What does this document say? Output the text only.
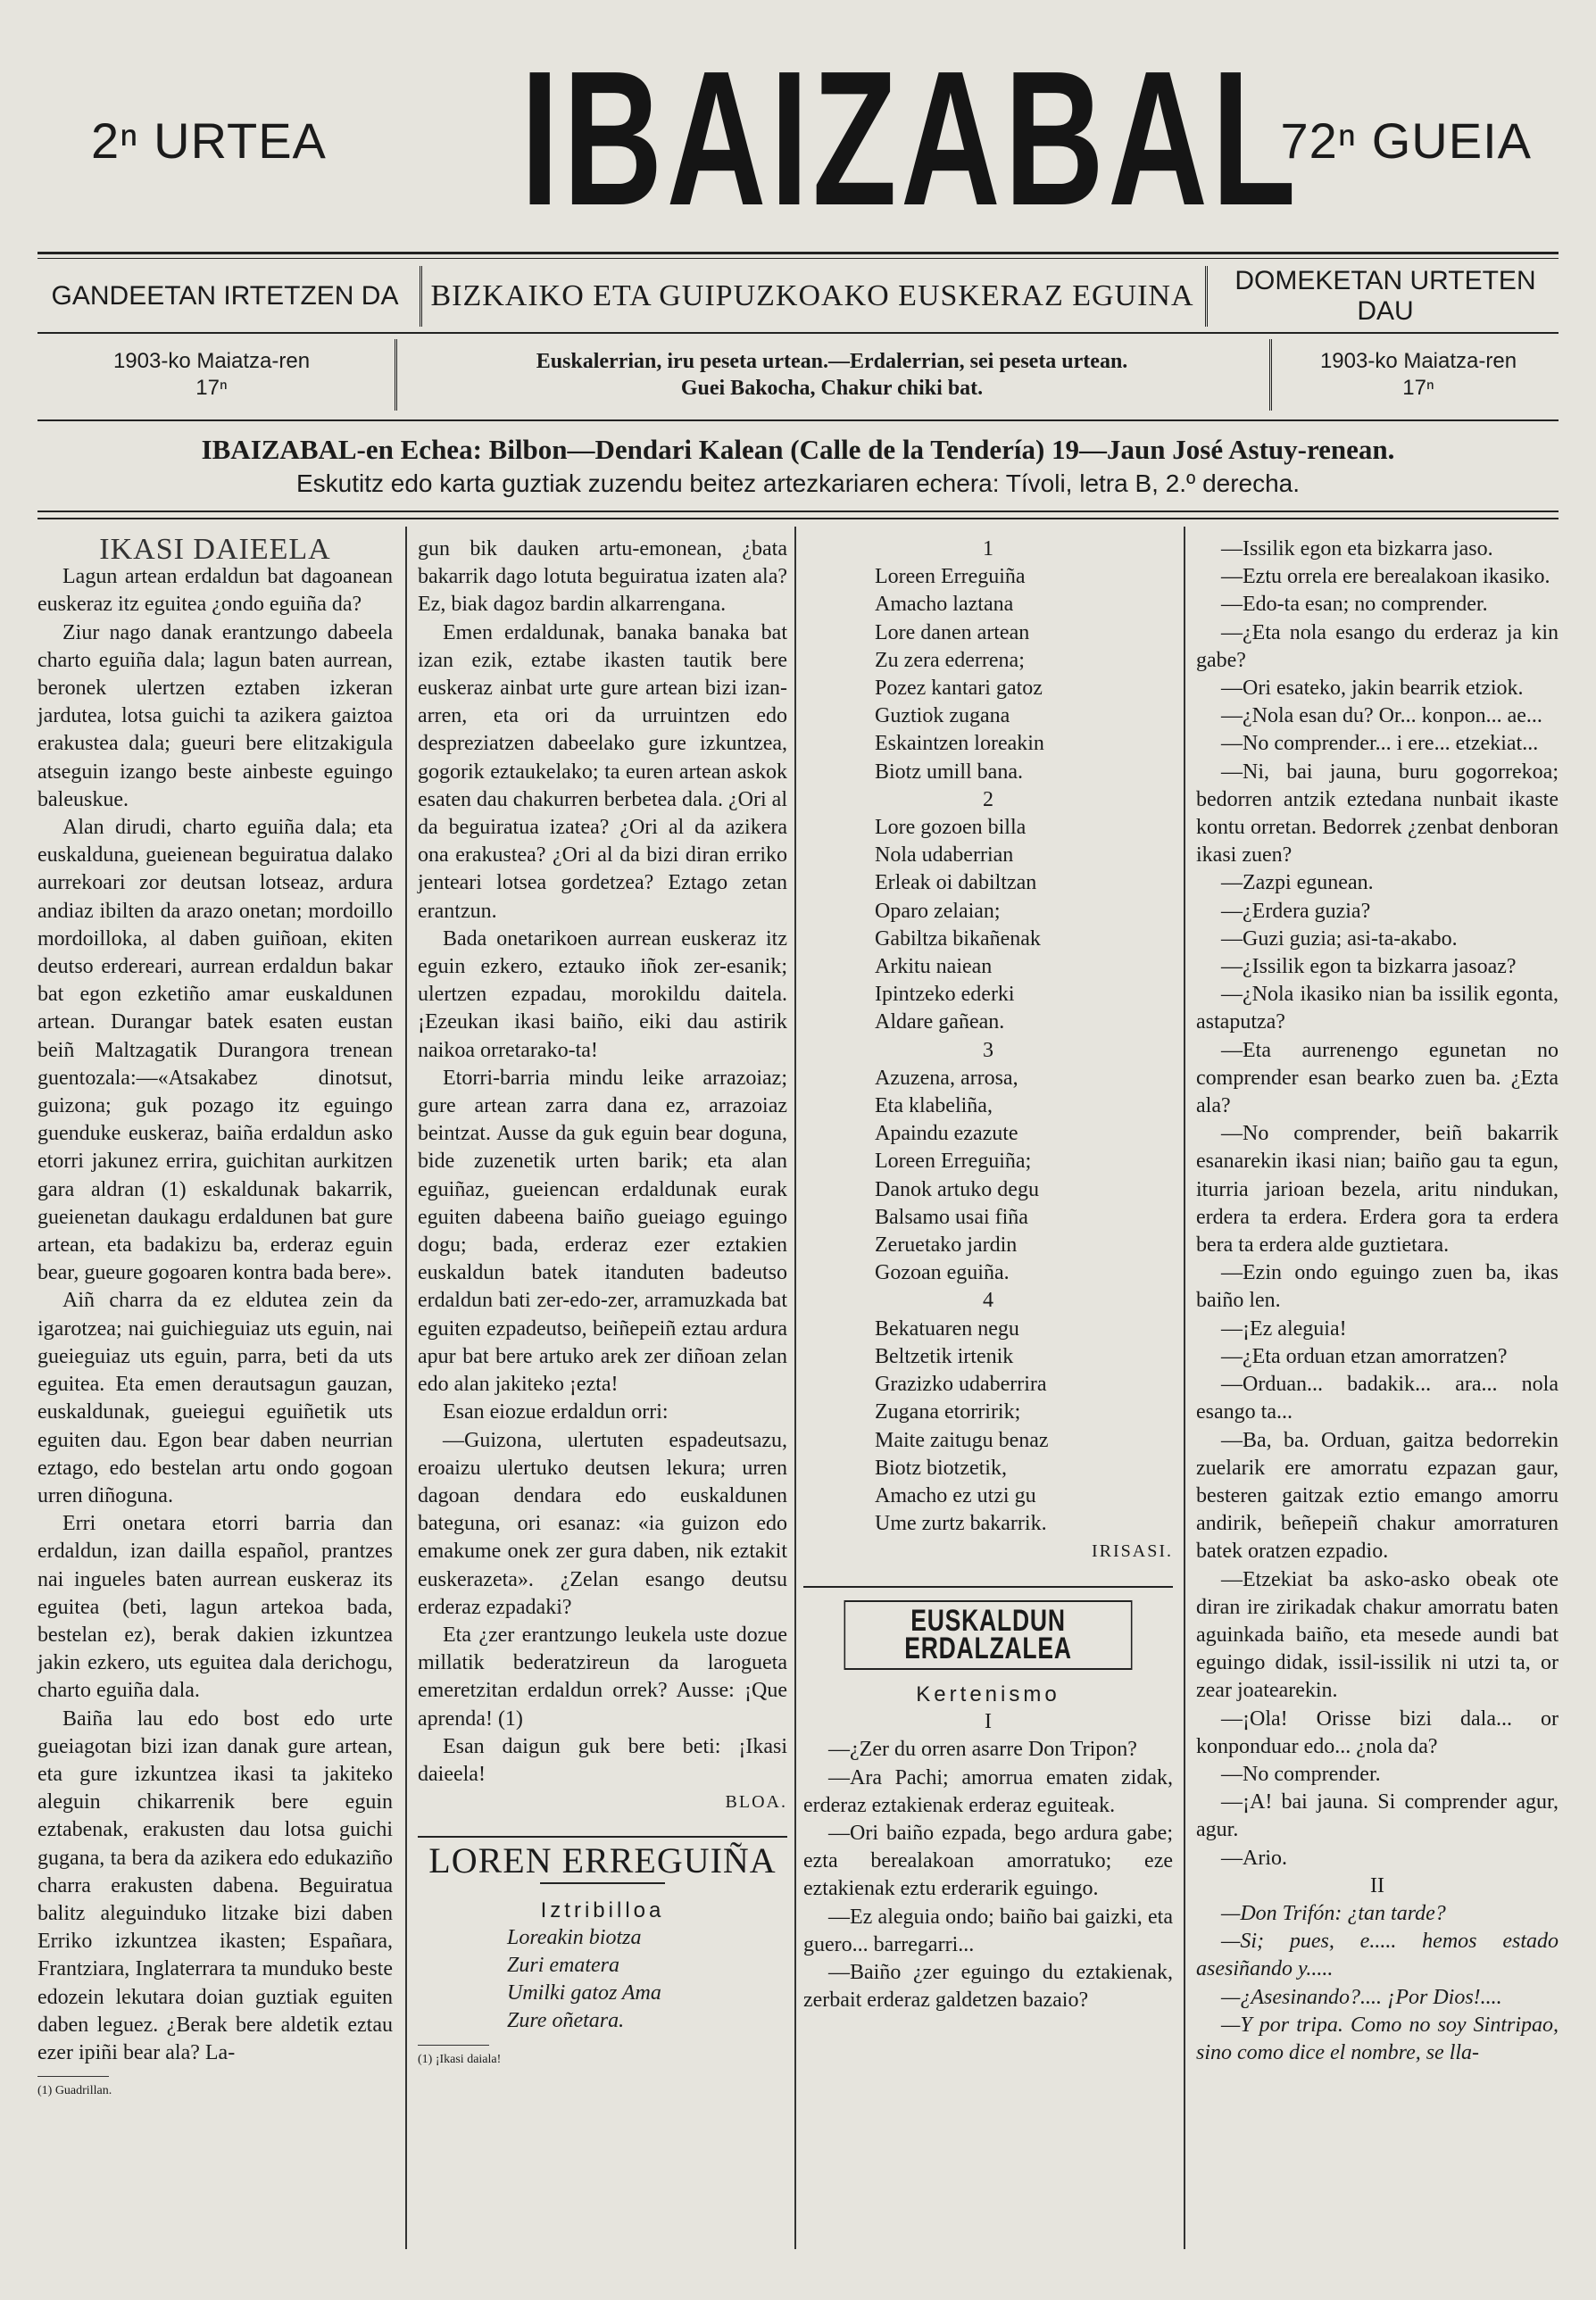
2ⁿ URTEA IBAIZABAL
72ⁿ GUEIA
GANDEETAN IRTETZEN DA	BIZKAIKO ETA GUIPUZKOAKO EUSKERAZ EGUINA	DOMEKETAN URTETEN DAU
1903-ko Maiatza-ren
17ⁿ
Euskalerrian, iru peseta urtean.—Erdalerrian, sei peseta urtean.
Guei Bakocha, Chakur chiki bat.
1903-ko Maiatza-ren
17ⁿ
IBAIZABAL-en Echea: Bilbon—Dendari Kalean (Calle de la Tendería) 19—Jaun José Astuy-renean.
Eskutitz edo karta guztiak zuzendu beitez artezkariaren echera: Tívoli, letra B, 2.º derecha.

IKASI DAIEELA

Lagun artean erdaldun bat dagoanean euskeraz itz eguitea ¿ondo eguiña da?

Ziur nago danak erantzungo dabeela charto eguiña dala; lagun baten aurrean, beronek ulertzen eztaben izkeran jardutea, lotsa guichi ta azikera gaiztoa erakustea dala; gueuri bere elitzakigula atseguin izango bestе ainbeste eguingo baleuskue.

Alan dirudi, charto eguiña dala; eta euskalduna, gueienean beguiratua dalako aurrekoari zor deutsan lotseaz, ardura andiaz ibilten da arazo onetan; mordoillo mordoilloka, al daben guiñoan, ekiten deutso erdereari, aurrean erdaldun bakar bat egon ezketiño amar euskaldunen artean. Durangar batek esaten eustan beiñ Maltzagatik Durangora trenean guentozala:—«Atsakabez dinotsut, guizona; guk pozago itz eguingo guenduke euskeraz, baiña erdaldun asko etorri jakunez errira, guichitan aurkitzen gara aldran (1) eskaldunak bakarrik, gueienetan daukagu erdaldunen bat gure artean, eta badakizu ba, erderaz eguin bear, gueure gogoaren kontra bada bere».

Aiñ charra da ez eldutea zein da igarotzea; nai guichieguiaz uts eguin, nai gueieguiaz uts eguin, parra, beti da uts eguitea. Eta emen derautsagun gauzan, euskaldunak, gueiegui eguiñetik uts eguiten dau. Egon bear daben neurrian eztago, edo bestelan artu ondo gogoan urren diñoguna.

Erri onetara etorri barria dan erdaldun, izan dailla español, prantzes nai ingueles baten aurrean euskeraz its eguitea (beti, lagun artekoa bada, bestelan ez), berak dakien izkuntzea jakin ezkero, uts eguitea dala derichogu, charto eguiña dala.

Baiña lau edo bost edo urte gueiagotan bizi izan danak gure artean, eta gure izkuntzea ikasi ta jakiteko aleguin chikarrenik bere eguin eztabenak, erakusten dau lotsa guichi gugana, ta bera da azikera edo edukaziño charra erakusten dabena. Beguiratua balitz aleguinduko litzake bizi daben Erriko izkuntzea ikasten; Españara, Frantziara, Inglaterrara ta munduko beste edozein lekutara doian guztiak eguiten daben leguez. ¿Berak bere aldetik eztau ezer ipiñi bear ala? La-

(1) Guadrillan.

gun bik dauken artu-emonean, ¿bata bakarrik dago lotuta beguiratua izaten ala? Ez, biak dagoz bardin alkarrengana.

Emen erdaldunak, banaka banaka bat izan ezik, eztabe ikasten tautik bere euskeraz ainbat urte gure artean bizi izan-arren, eta ori da urruintzen edo despreziatzen dabeelako gure izkuntzea, gogorik eztaukelako; ta euren artean askok esaten dau chakurren berbetea dala. ¿Ori al da beguiratua izatea? ¿Ori al da azikera ona erakustea? ¿Ori al da bizi diran erriko jenteari lotsea gordetzea? Eztago zetan erantzun.

Bada onetarikoen aurrean euskeraz itz eguin ezkero, eztauko iñok zer-esanik; ulertzen ezpadau, morokildu daitela. ¡Ezeukan ikasi baiño, eiki dau astirik naikoa orretarako-ta!

Etorri-barria mindu leike arrazoiaz; gure artean zarra dana ez, arrazoiaz beintzat. Ausse da guk eguin bear doguna, bide zuzenetik urten barik; eta alan eguiñaz, gueiencan erdaldunak eurak eguiten dabeena baiño gueiago eguingo dogu; bada, erderaz ezer eztakien euskaldun batek itanduten badeutso erdaldun bati zer-edo-zer, arramuzkada bat eguiten ezpadeutso, beiñepeiñ eztau ardura apur bat bere artuko arek zer diñoan zelan edo alan jakiteko ¡ezta!

Esan eiozue erdaldun orri:

—Guizona, ulertuten espadeutsazu, eroaizu ulertuko deutsen lekura; urren dagoan dendara edo euskaldunen bateguna, ori esanaz: «ia guizon edo emakume onek zer gura daben, nik eztakit euskerazeta». ¿Zelan esango deutsu erderaz ezpadaki?

Eta ¿zer erantzungo leukela uste dozue millatik bederatzireun da larogueta emeretzitan erdaldun orrek? Ausse: ¡Que aprenda! (1)

Esan daigun guk bere beti: ¡Ikasi daieela!

BLOA.

LOREN ERREGUIÑA

Iztribilloa

Loreakin biotza

Zuri ematera

Umilki gatoz Ama

Zure oñetara.

(1) ¡Ikasi daiala!

1

Loreen Erreguiña

Amacho laztana

Lore danen artean

Zu zera ederrena;

Pozez kantari gatoz

Guztiok zugana

Eskaintzen loreakin

Biotz umill bana.

2

Lore gozoen billa

Nola udaberrian

Erleak oi dabiltzan

Oparo zelaian;

Gabiltza bikañenak

Arkitu naiean

Ipintzeko ederki

Aldare gañean.

3

Azuzena, arrosa,

Eta klabeliña,

Apaindu ezazute

Loreen Erreguiña;

Danok artuko degu

Balsamo usai fiña

Zeruetako jardin

Gozoan eguiña.

4

Bekatuaren negu

Beltzetik irtenik

Grazizko udaberrira

Zugana etorririk;

Maite zaitugu benaz

Biotz biotzetik,

Amacho ez utzi gu

Ume zurtz bakarrik.

IRISASI.

EUSKALDUN ERDALZALEA

Kertenismo

I

—¿Zer du orren asarre Don Tripon?

—Ara Pachi; amorrua ematen zidak, erderaz eztakienak erderaz eguiteak.

—Ori baiño ezpada, bego ardura gabe; ezta berealakoan amorratuko; eze eztakienak eztu erderarik eguingo.

—Ez aleguia ondo; baiño bai gaizki, eta guero... barregarri...

—Baiño ¿zer eguingo du eztakienak, zerbait erderaz galdetzen bazaio?

—Issilik egon eta bizkarra jaso.

—Eztu orrela ere berealakoan ikasiko.

—Edo-ta esan; no comprender.

—¿Eta nola esango du erderaz ja kin gabe?

—Ori esateko, jakin bearrik etziok.

—¿Nola esan du? Or... konpon... ae...

—No comprender... i ere... etzekiat...

—Ni, bai jauna, buru gogorrekoa; bedorren antzik eztedana nunbait ikaste kontu orretan. Bedorrek ¿zenbat denboran ikasi zuen?

—Zazpi egunean.

—¿Erdera guzia?

—Guzi guzia; asi-ta-akabo.

—¿Issilik egon ta bizkarra jasoaz?

—¿Nola ikasiko nian ba issilik egonta, astaputza?

—Eta aurrenengo egunetan no comprender esan bearko zuen ba. ¿Ezta ala?

—No comprender, beiñ bakarrik esanarekin ikasi nian; baiño gau ta egun, iturria jarioan bezela, aritu nindukan, erdera ta erdera. Erdera gora ta erdera bera ta erdera alde guztietara.

—Ezin ondo eguingo zuen ba, ikas baiño len.

—¡Ez aleguia!

—¿Eta orduan etzan amorratzen?

—Orduan... badakik... ara... nola esango ta...

—Ba, ba. Orduan, gaitza bedorrekin zuelarik ere amorratu ezpazan gaur, besteren gaitzak eztio emango amorru andirik, beñepeiñ chakur amorraturen batek oratzen ezpadio.

—Etzekiat ba asko-asko obeak ote diran ire zirikadak chakur amorratu baten aguinkada baiño, eta mesede aundi bat eguingo didak, issil-issilik ni utzi ta, or zear joatearekin.

—¡Ola! Orisse bizi dala... or konponduar edo... ¿nola da?

—No comprender.

—¡A! bai jauna. Si comprender agur, agur.

—Ario.

II

—Don Trifón: ¿tan tarde?

—Si; pues, e..... hemos estado asesiñando y.....

—¿Asesinando?.... ¡Por Dios!....

—Y por tripa. Como no soy Sintripao, sino como dice el nombre, se lla-
